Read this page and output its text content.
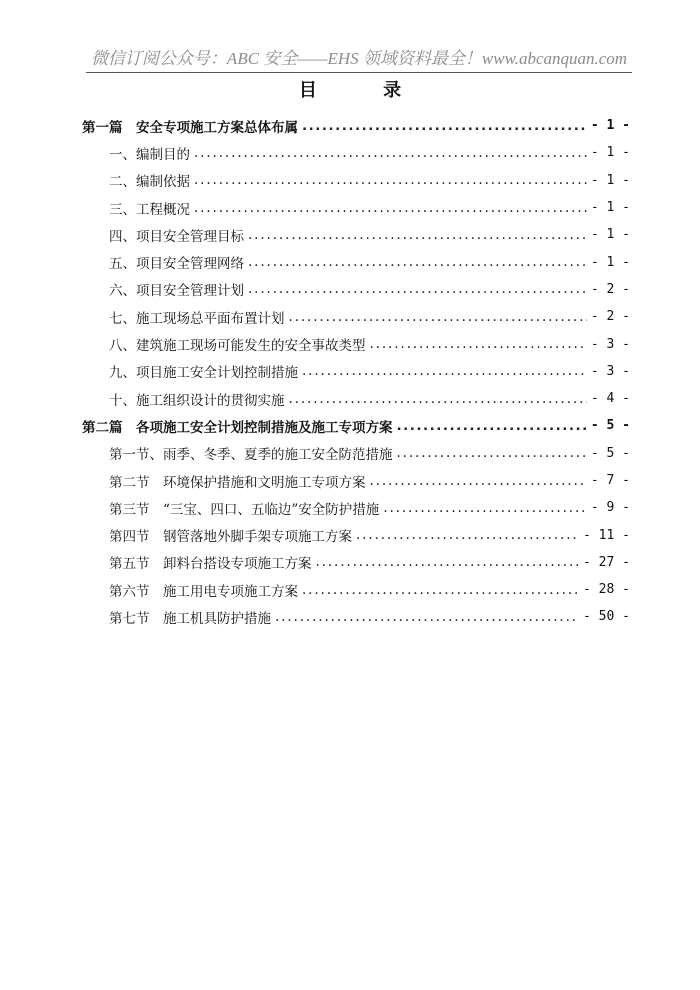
微信订阅公众号：ABC 安全——EHS 领域资料最全！www.abcanquan.com
目 录
第一篇　安全专项施工方案总体布属 . . .	- 1 -
一、编制目的 . . .	- 1 -
二、编制依据 . . .	- 1 -
三、工程概况 . . .	- 1 -
四、项目安全管理目标 . . .	- 1 -
五、项目安全管理网络 . . .	- 1 -
六、项目安全管理计划 . . .	- 2 -
七、施工现场总平面布置计划 . . .	- 2 -
八、建筑施工现场可能发生的安全事故类型 . . .	- 3 -
九、项目施工安全计划控制措施 . . .	- 3 -
十、施工组织设计的贯彻实施 . . .	- 4 -
第二篇　各项施工安全计划控制措施及施工专项方案 . . .	- 5 -
第一节、雨季、冬季、夏季的施工安全防范措施 . . .	- 5 -
第二节　环境保护措施和文明施工专项方案 . . .	- 7 -
第三节　“三宝、四口、五临边”安全防护措施 . . .	- 9 -
第四节　钢管落地外脚手架专项施工方案 . . .	- 11 -
第五节　卸料台搭设专项施工方案 . . .	- 27 -
第六节　施工用电专项施工方案 . . .	- 28 -
第七节　施工机具防护措施 . . .	- 50 -
